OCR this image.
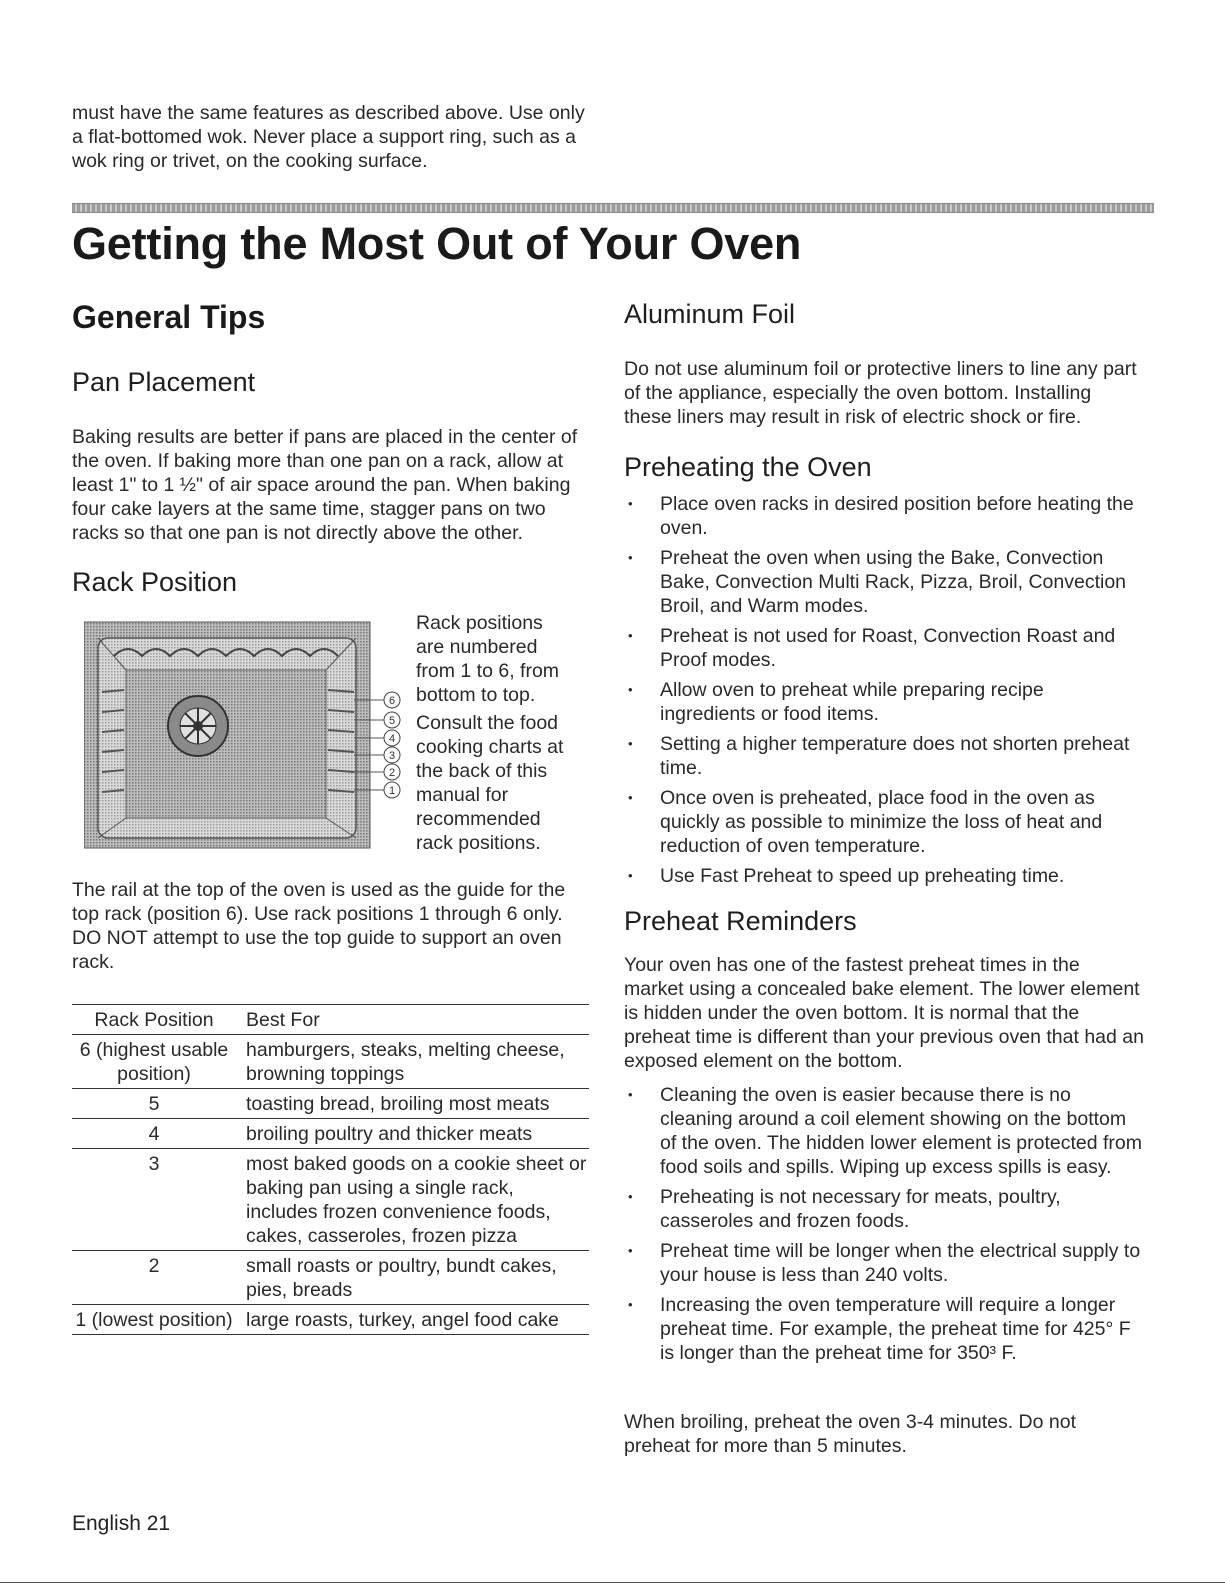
must have the same features as described above. Use only a flat-bottomed wok. Never place a support ring, such as a wok ring or trivet, on the cooking surface.

Getting the Most Out of Your Oven
General Tips
Pan Placement

Baking results are better if pans are placed in the center of the oven. If baking more than one pan on a rack, allow at least 1" to 1 ½" of air space around the pan. When baking four cake layers at the same time, stagger pans on two racks so that one pan is not directly above the other.

Rack Position
6
5
4
3
2
1

Rack positions are numbered from 1 to 6, from bottom to top.

Consult the food cooking charts at the back of this manual for recommended rack positions.

The rail at the top of the oven is used as the guide for the top rack (position 6). Use rack positions 1 through 6 only. DO NOT attempt to use the top guide to support an oven rack.

Rack Position	Best For
6 (highest usable position)	hamburgers, steaks, melting cheese, browning toppings
5	toasting bread, broiling most meats
4	broiling poultry and thicker meats
3	most baked goods on a cookie sheet or baking pan using a single rack, includes frozen convenience foods, cakes, casseroles, frozen pizza
2	small roasts or poultry, bundt cakes, pies, breads
1 (lowest position)	large roasts, turkey, angel food cake
Aluminum Foil

Do not use aluminum foil or protective liners to line any part of the appliance, especially the oven bottom. Installing these liners may result in risk of electric shock or fire.

Preheating the Oven
• Place oven racks in desired position before heating the oven.
• Preheat the oven when using the Bake, Convection Bake, Convection Multi Rack, Pizza, Broil, Convection Broil, and Warm modes.
• Preheat is not used for Roast, Convection Roast and Proof modes.
• Allow oven to preheat while preparing recipe ingredients or food items.
• Setting a higher temperature does not shorten preheat time.
• Once oven is preheated, place food in the oven as quickly as possible to minimize the loss of heat and reduction of oven temperature.
• Use Fast Preheat to speed up preheating time.
Preheat Reminders

Your oven has one of the fastest preheat times in the market using a concealed bake element. The lower element is hidden under the oven bottom. It is normal that the preheat time is different than your previous oven that had an exposed element on the bottom.

• Cleaning the oven is easier because there is no cleaning around a coil element showing on the bottom of the oven. The hidden lower element is protected from food soils and spills. Wiping up excess spills is easy.
• Preheating is not necessary for meats, poultry, casseroles and frozen foods.
• Preheat time will be longer when the electrical supply to your house is less than 240 volts.
• Increasing the oven temperature will require a longer preheat time. For example, the preheat time for 425° F is longer than the preheat time for 350³ F.

When broiling, preheat the oven 3-4 minutes. Do not preheat for more than 5 minutes.

English 21
